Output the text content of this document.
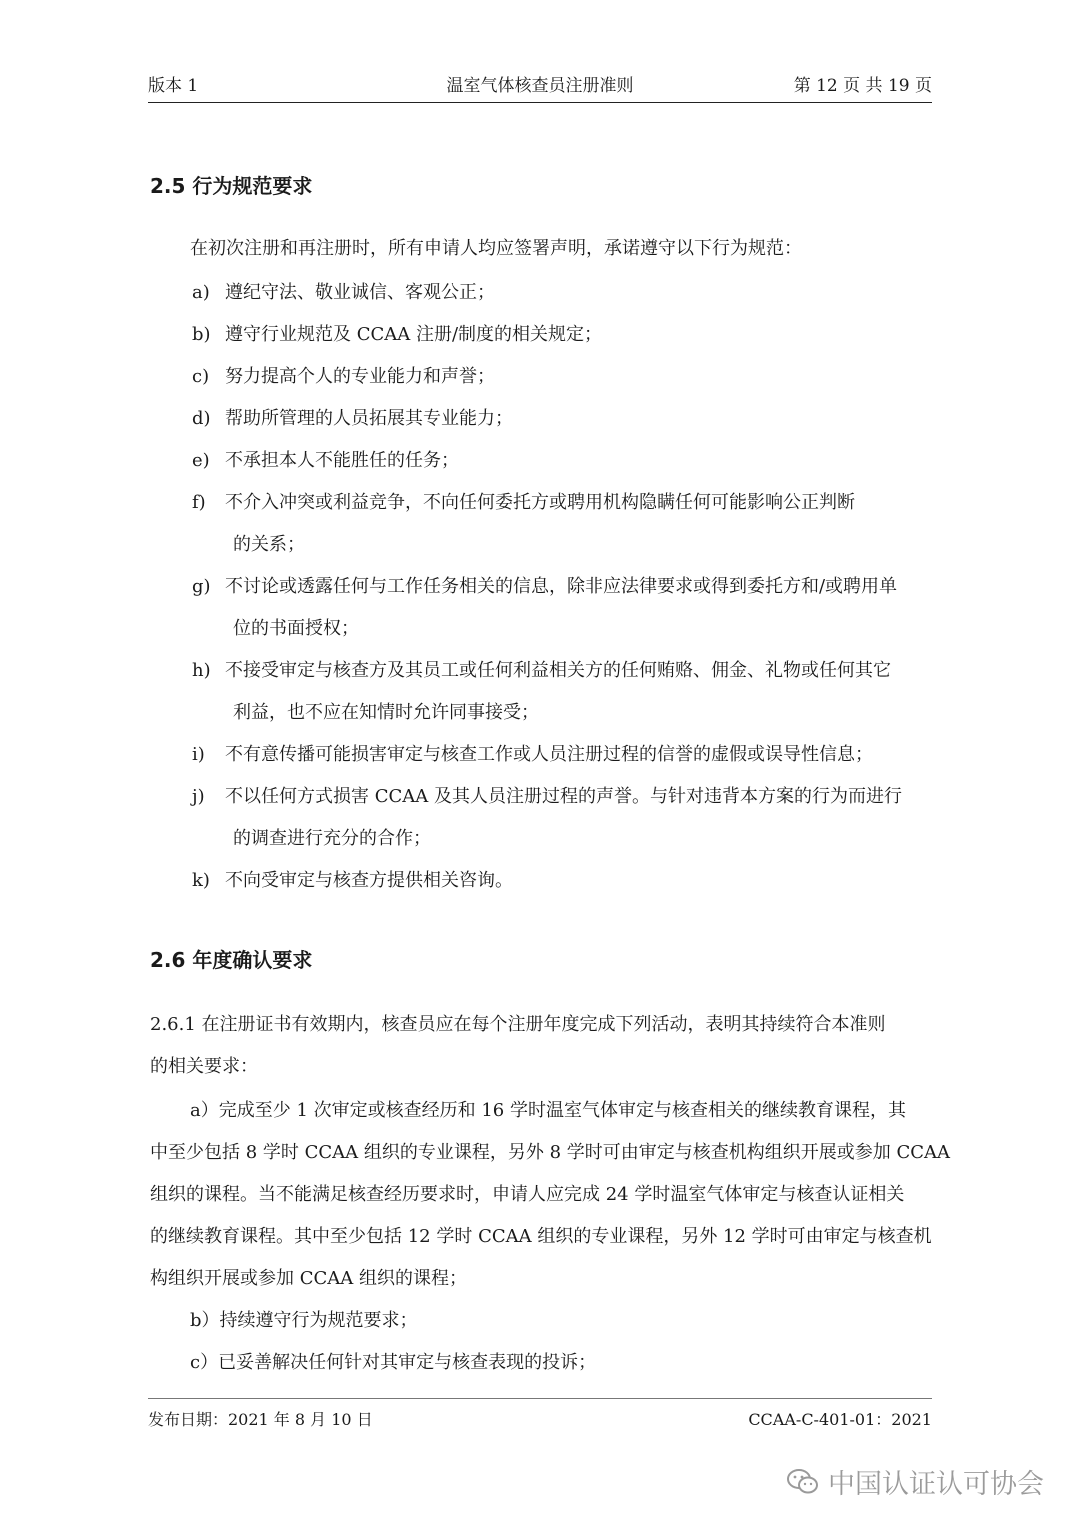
版本 1	温室气体核查员注册准则	第 12 页 共 19 页
2.5 行为规范要求
在初次注册和再注册时，所有申请人均应签署声明，承诺遵守以下行为规范：
a) 遵纪守法、敬业诚信、客观公正；
b) 遵守行业规范及 CCAA 注册/制度的相关规定；
c) 努力提高个人的专业能力和声誉；
d) 帮助所管理的人员拓展其专业能力；
e) 不承担本人不能胜任的任务；
f) 不介入冲突或利益竞争，不向任何委托方或聘用机构隐瞒任何可能影响公正判断
的关系；
g) 不讨论或透露任何与工作任务相关的信息，除非应法律要求或得到委托方和/或聘用单
位的书面授权；
h) 不接受审定与核查方及其员工或任何利益相关方的任何贿赂、佣金、礼物或任何其它
利益，也不应在知情时允许同事接受；
i) 不有意传播可能损害审定与核查工作或人员注册过程的信誉的虚假或误导性信息；
j) 不以任何方式损害 CCAA 及其人员注册过程的声誉。与针对违背本方案的行为而进行
的调查进行充分的合作；
k) 不向受审定与核查方提供相关咨询。
2.6 年度确认要求
2.6.1 在注册证书有效期内，核查员应在每个注册年度完成下列活动，表明其持续符合本准则
的相关要求：
a）完成至少 1 次审定或核查经历和 16 学时温室气体审定与核查相关的继续教育课程，其
中至少包括 8 学时 CCAA 组织的专业课程，另外 8 学时可由审定与核查机构组织开展或参加 CCAA
组织的课程。当不能满足核查经历要求时，申请人应完成 24 学时温室气体审定与核查认证相关
的继续教育课程。其中至少包括 12 学时 CCAA 组织的专业课程，另外 12 学时可由审定与核查机
构组织开展或参加 CCAA 组织的课程；
b）持续遵守行为规范要求；
c）已妥善解决任何针对其审定与核查表现的投诉；
发布日期：2021 年 8 月 10 日	CCAA-C-401-01：2021
中国认证认可协会
